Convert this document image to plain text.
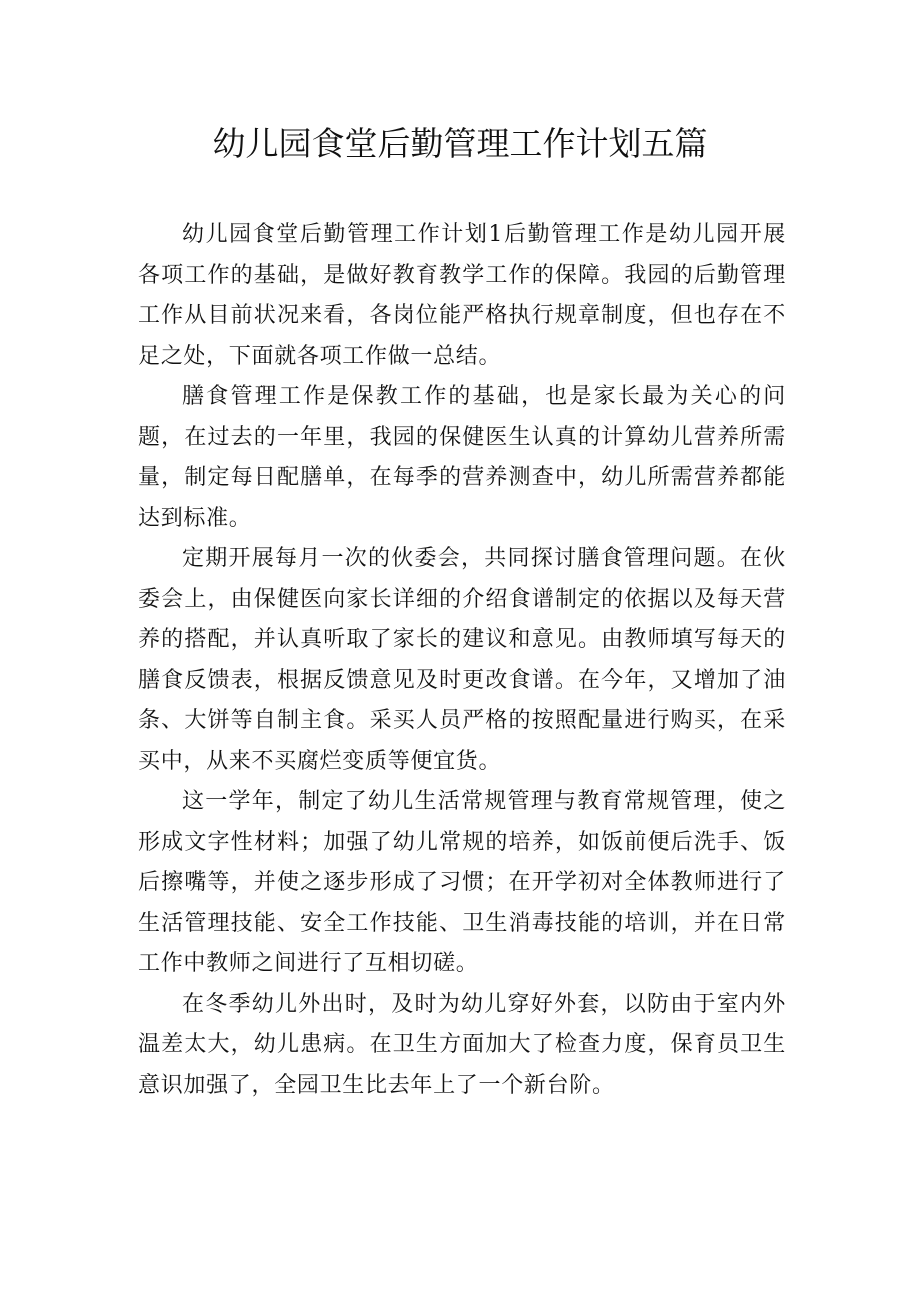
幼儿园食堂后勤管理工作计划五篇

幼儿园食堂后勤管理工作计划1后勤管理工作是幼儿园开展各项工作的基础，是做好教育教学工作的保障。我园的后勤管理工作从目前状况来看，各岗位能严格执行规章制度，但也存在不足之处，下面就各项工作做一总结。

膳食管理工作是保教工作的基础，也是家长最为关心的问题，在过去的一年里，我园的保健医生认真的计算幼儿营养所需量，制定每日配膳单，在每季的营养测查中，幼儿所需营养都能达到标准。

定期开展每月一次的伙委会，共同探讨膳食管理问题。在伙委会上，由保健医向家长详细的介绍食谱制定的依据以及每天营养的搭配，并认真听取了家长的建议和意见。由教师填写每天的膳食反馈表，根据反馈意见及时更改食谱。在今年，又增加了油条、大饼等自制主食。采买人员严格的按照配量进行购买，在采买中，从来不买腐烂变质等便宜货。

这一学年，制定了幼儿生活常规管理与教育常规管理，使之形成文字性材料；加强了幼儿常规的培养，如饭前便后洗手、饭后擦嘴等，并使之逐步形成了习惯；在开学初对全体教师进行了生活管理技能、安全工作技能、卫生消毒技能的培训，并在日常工作中教师之间进行了互相切磋。

在冬季幼儿外出时，及时为幼儿穿好外套，以防由于室内外温差太大，幼儿患病。在卫生方面加大了检查力度，保育员卫生意识加强了，全园卫生比去年上了一个新台阶。
